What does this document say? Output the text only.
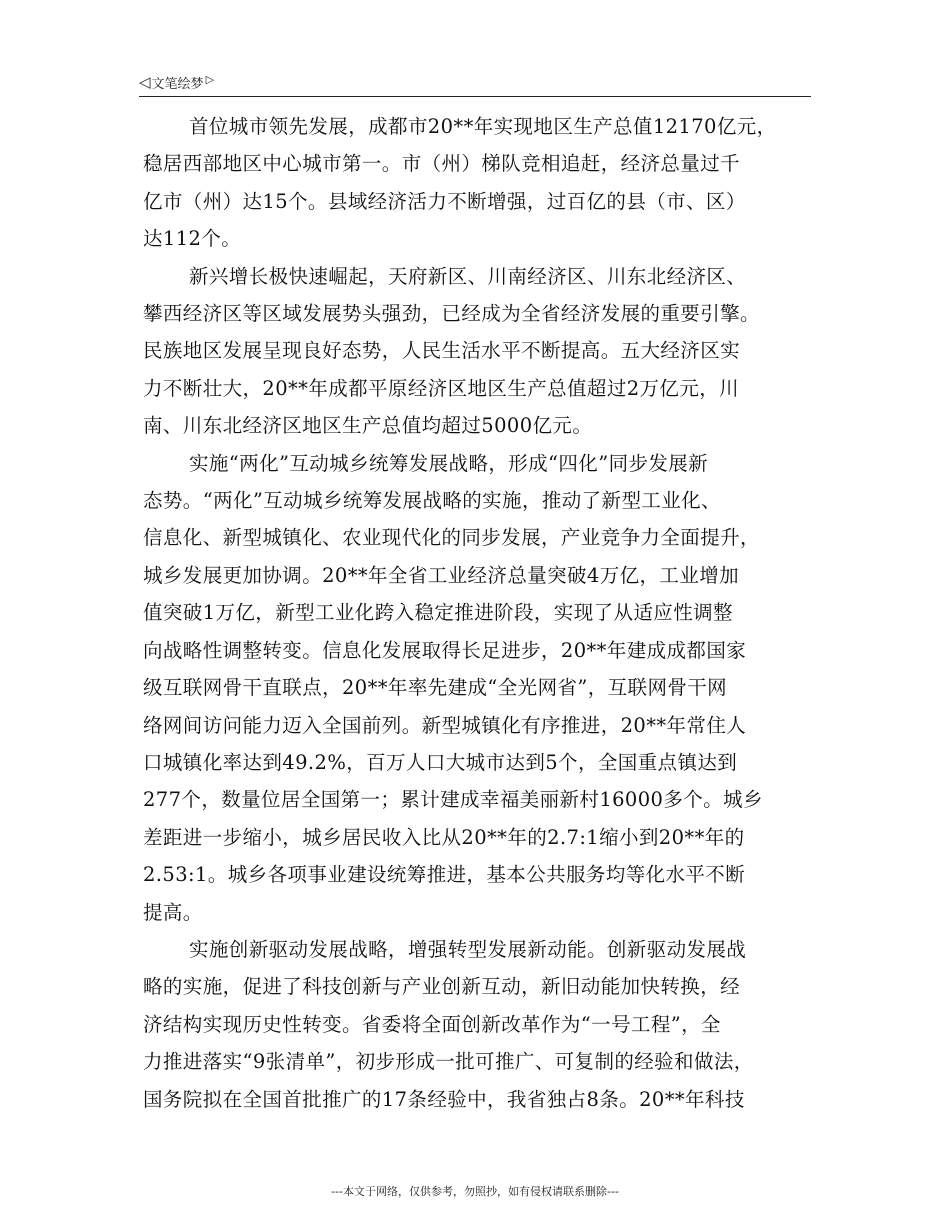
◁ 文笔绘梦 ▷

首位城市领先发展，成都市20**年实现地区生产总值12170亿元，
稳居西部地区中心城市第一。市（州）梯队竞相追赶，经济总量过千
亿市（州）达15个。县域经济活力不断增强，过百亿的县（市、区）
达112个。

新兴增长极快速崛起，天府新区、川南经济区、川东北经济区、
攀西经济区等区域发展势头强劲，已经成为全省经济发展的重要引擎。
民族地区发展呈现良好态势，人民生活水平不断提高。五大经济区实
力不断壮大，20**年成都平原经济区地区生产总值超过2万亿元，川
南、川东北经济区地区生产总值均超过5000亿元。

实施“两化”互动城乡统筹发展战略，形成“四化”同步发展新
态势。“两化”互动城乡统筹发展战略的实施，推动了新型工业化、
信息化、新型城镇化、农业现代化的同步发展，产业竞争力全面提升，
城乡发展更加协调。20**年全省工业经济总量突破4万亿，工业增加
值突破1万亿，新型工业化跨入稳定推进阶段，实现了从适应性调整
向战略性调整转变。信息化发展取得长足进步，20**年建成成都国家
级互联网骨干直联点，20**年率先建成“全光网省”，互联网骨干网
络网间访问能力迈入全国前列。新型城镇化有序推进，20**年常住人
口城镇化率达到49.2%，百万人口大城市达到5个，全国重点镇达到
277个，数量位居全国第一；累计建成幸福美丽新村16000多个。城乡
差距进一步缩小，城乡居民收入比从20**年的2.7:1缩小到20**年的
2.53:1。城乡各项事业建设统筹推进，基本公共服务均等化水平不断
提高。

实施创新驱动发展战略，增强转型发展新动能。创新驱动发展战
略的实施，促进了科技创新与产业创新互动，新旧动能加快转换，经
济结构实现历史性转变。省委将全面创新改革作为“一号工程”，全
力推进落实“9张清单”，初步形成一批可推广、可复制的经验和做法，
国务院拟在全国首批推广的17条经验中，我省独占8条。20**年科技

---本文于网络，仅供参考，勿照抄，如有侵权请联系删除---
